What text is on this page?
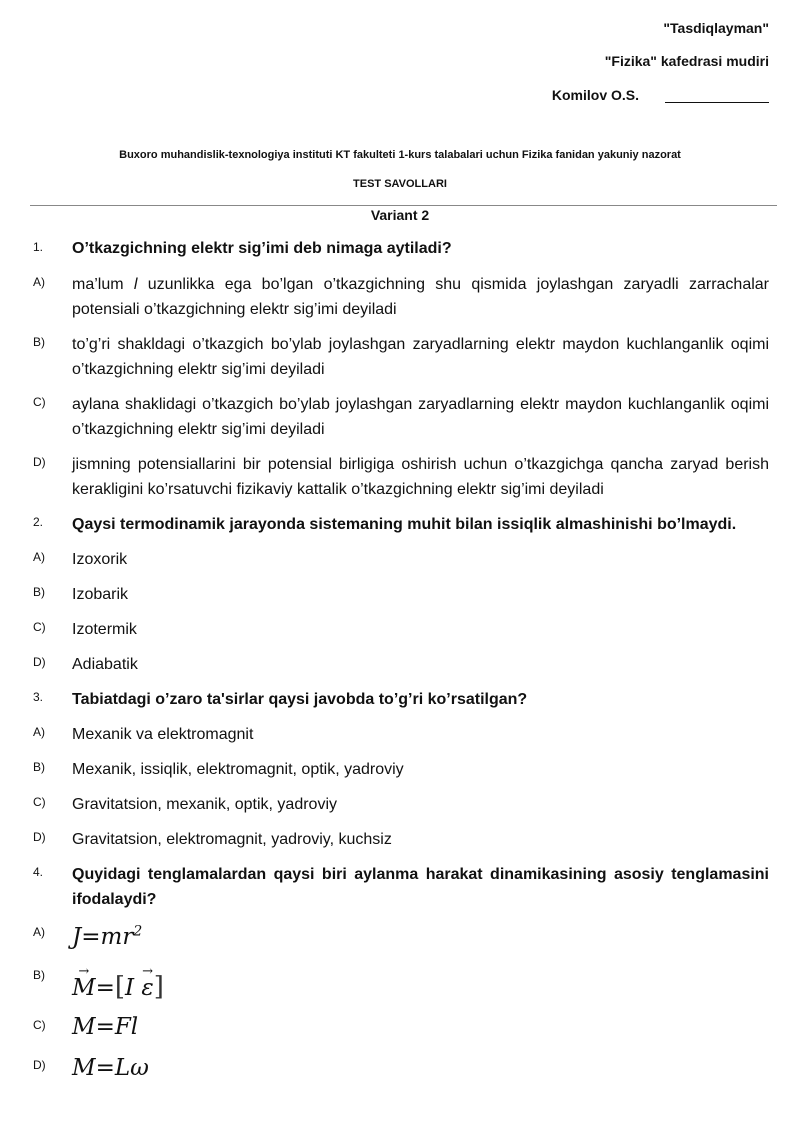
"Tasdiqlayman"
"Fizika" kafedrasi mudiri
Komilov O.S.
Buxoro muhandislik-texnologiya instituti KT fakulteti 1-kurs talabalari uchun Fizika fanidan yakuniy nazorat
TEST SAVOLLARI
Variant 2
1. O’tkazgichning elektr sig’imi deb nimaga aytiladi?
A) ma’lum l uzunlikka ega bo’lgan o’tkazgichning shu qismida joylashgan zaryadli zarrachalar potensiali o’tkazgichning elektr sig’imi deyiladi
B) to’g’ri shakldagi o’tkazgich bo’ylab joylashgan zaryadlarning elektr maydon kuchlanganlik oqimi o’tkazgichning elektr sig’imi deyiladi
C) aylana shaklidagi o’tkazgich bo’ylab joylashgan zaryadlarning elektr maydon kuchlanganlik oqimi o’tkazgichning elektr sig’imi deyiladi
D) jismning potensiallarini bir potensial birligiga oshirish uchun o’tkazgichga qancha zaryad berish kerakligini ko’rsatuvchi fizikaviy kattalik o’tkazgichning elektr sig’imi deyiladi
2. Qaysi termodinamik jarayonda sistemaning muhit bilan issiqlik almashinishi bo’lmaydi.
A) Izoxorik
B) Izobarik
C) Izotermik
D) Adiabatik
3. Tabiatdagi o’zaro ta'sirlar qaysi javobda to’g’ri ko’rsatilgan?
A) Mexanik va elektromagnit
B) Mexanik, issiqlik, elektromagnit, optik, yadroviy
C) Gravitatsion, mexanik, optik, yadroviy
D) Gravitatsion, elektromagnit, yadroviy, kuchsiz
4. Quyidagi tenglamalardan qaysi biri aylanma harakat dinamikasining asosiy tenglamasini ifodalaydi?
A) $J=mr^2$
B) → M=[I → ε]
C) M=Fl
D) M=Lω
